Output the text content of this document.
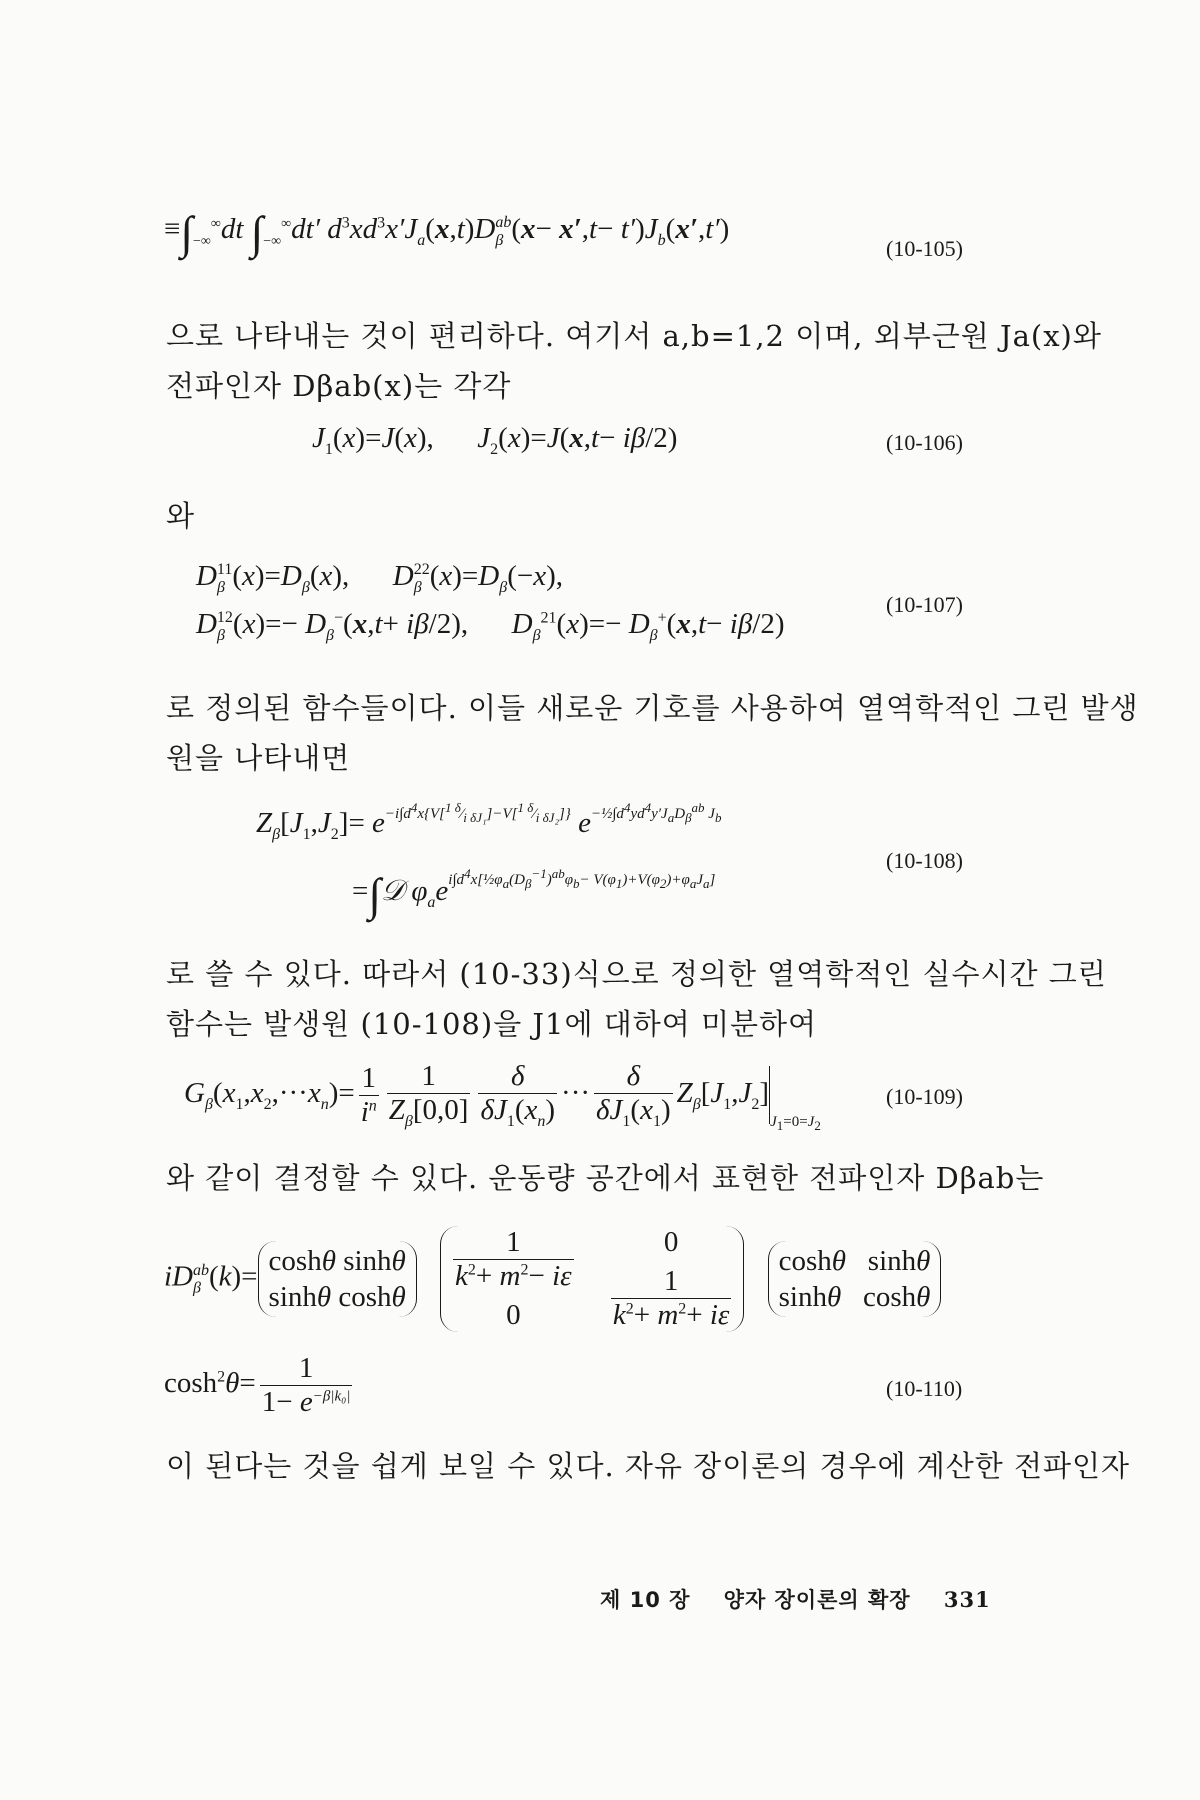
$\equiv\int_{-\infty}^\infty dt$ $\int_{-\infty}^\infty dt'$ $d^3xd^3x'J_a(x,t)D_\beta^{ab}(x- x',t- t')J_b(x',t')$
(10-105)
으로 나타내는 것이 편리하다. 여기서 a,b=1,2 이며, 외부근원 Ja(x)와
전파인자 Dβab(x)는 각각
$J_1(x)=J(x)$,      $J_2(x)=J(x,t- i\beta/2)$	(10-106)
와
$D_\beta^{11}(x)=D_\beta(x)$,      $D_\beta^{22}(x)=D_\beta(-x)$,
$D_\beta^{12}(x)=- D_\beta^-(x,t+ i\beta/2)$,      $D_\beta^{21}(x)=- D_\beta^+(x,t- i\beta/2)$
(10-107)
로 정의된 함수들이다. 이들 새로운 기호를 사용하여 열역학적인 그린 발생
원을 나타내면
$Z_\beta[J_1,J_2]= e^{-i\int d^4x\{V[^{1 \delta}⁄_{i \delta J_1}]-V[^{1 \delta}⁄_{i \delta J_2}]\}}$ $e^{-\frac{1}{2}\int d^4yd^4y'J_aD_\beta^{ab} J_b}$
=∫𝒟 $\varphi_ae^{i\int d^4x[\frac{1}{2}\varphi_a(D_\beta^{-1})^{ab}\varphi_b- V(\varphi_1)+V(\varphi_2)+\varphi_aJ_a]}$
(10-108)
로 쓸 수 있다. 따라서 (10-33)식으로 정의한 열역학적인 실수시간 그린
함수는 발생원 (10-108)을 J1에 대하여 미분하여
$G_\beta(x_1,x_2,\cdot\cdot\cdot x_n)= \frac{1}{i^n} \frac{1}{Z_\beta[0,0]} \frac{\delta}{\delta J_1(x_n)}$ ··· $\frac{\delta}{\delta J_1(x_1)} Z_\beta[J_1,J_2]_{J_1=0=J_2}$
(10-109)
와 같이 결정할 수 있다. 운동량 공간에서 표현한 전파인자 Dβab는
$iD_\beta^{ab}(k)= \cosh\theta$ sinhθ
sinhθ coshθ

$\frac{1}{k^2+ m^2- i\varepsilon}$

0

0
$\frac{1}{k^2+ m^2+ i\varepsilon}$

coshθ   sinhθ
sinhθ   coshθ
$\cosh^2\theta= \frac{1}{1- e^{-\beta|k_0|}}$	(10-110)
이 된다는 것을 쉽게 보일 수 있다. 자유 장이론의 경우에 계산한 전파인자
제 10 장 양자 장이론의 확장 331
